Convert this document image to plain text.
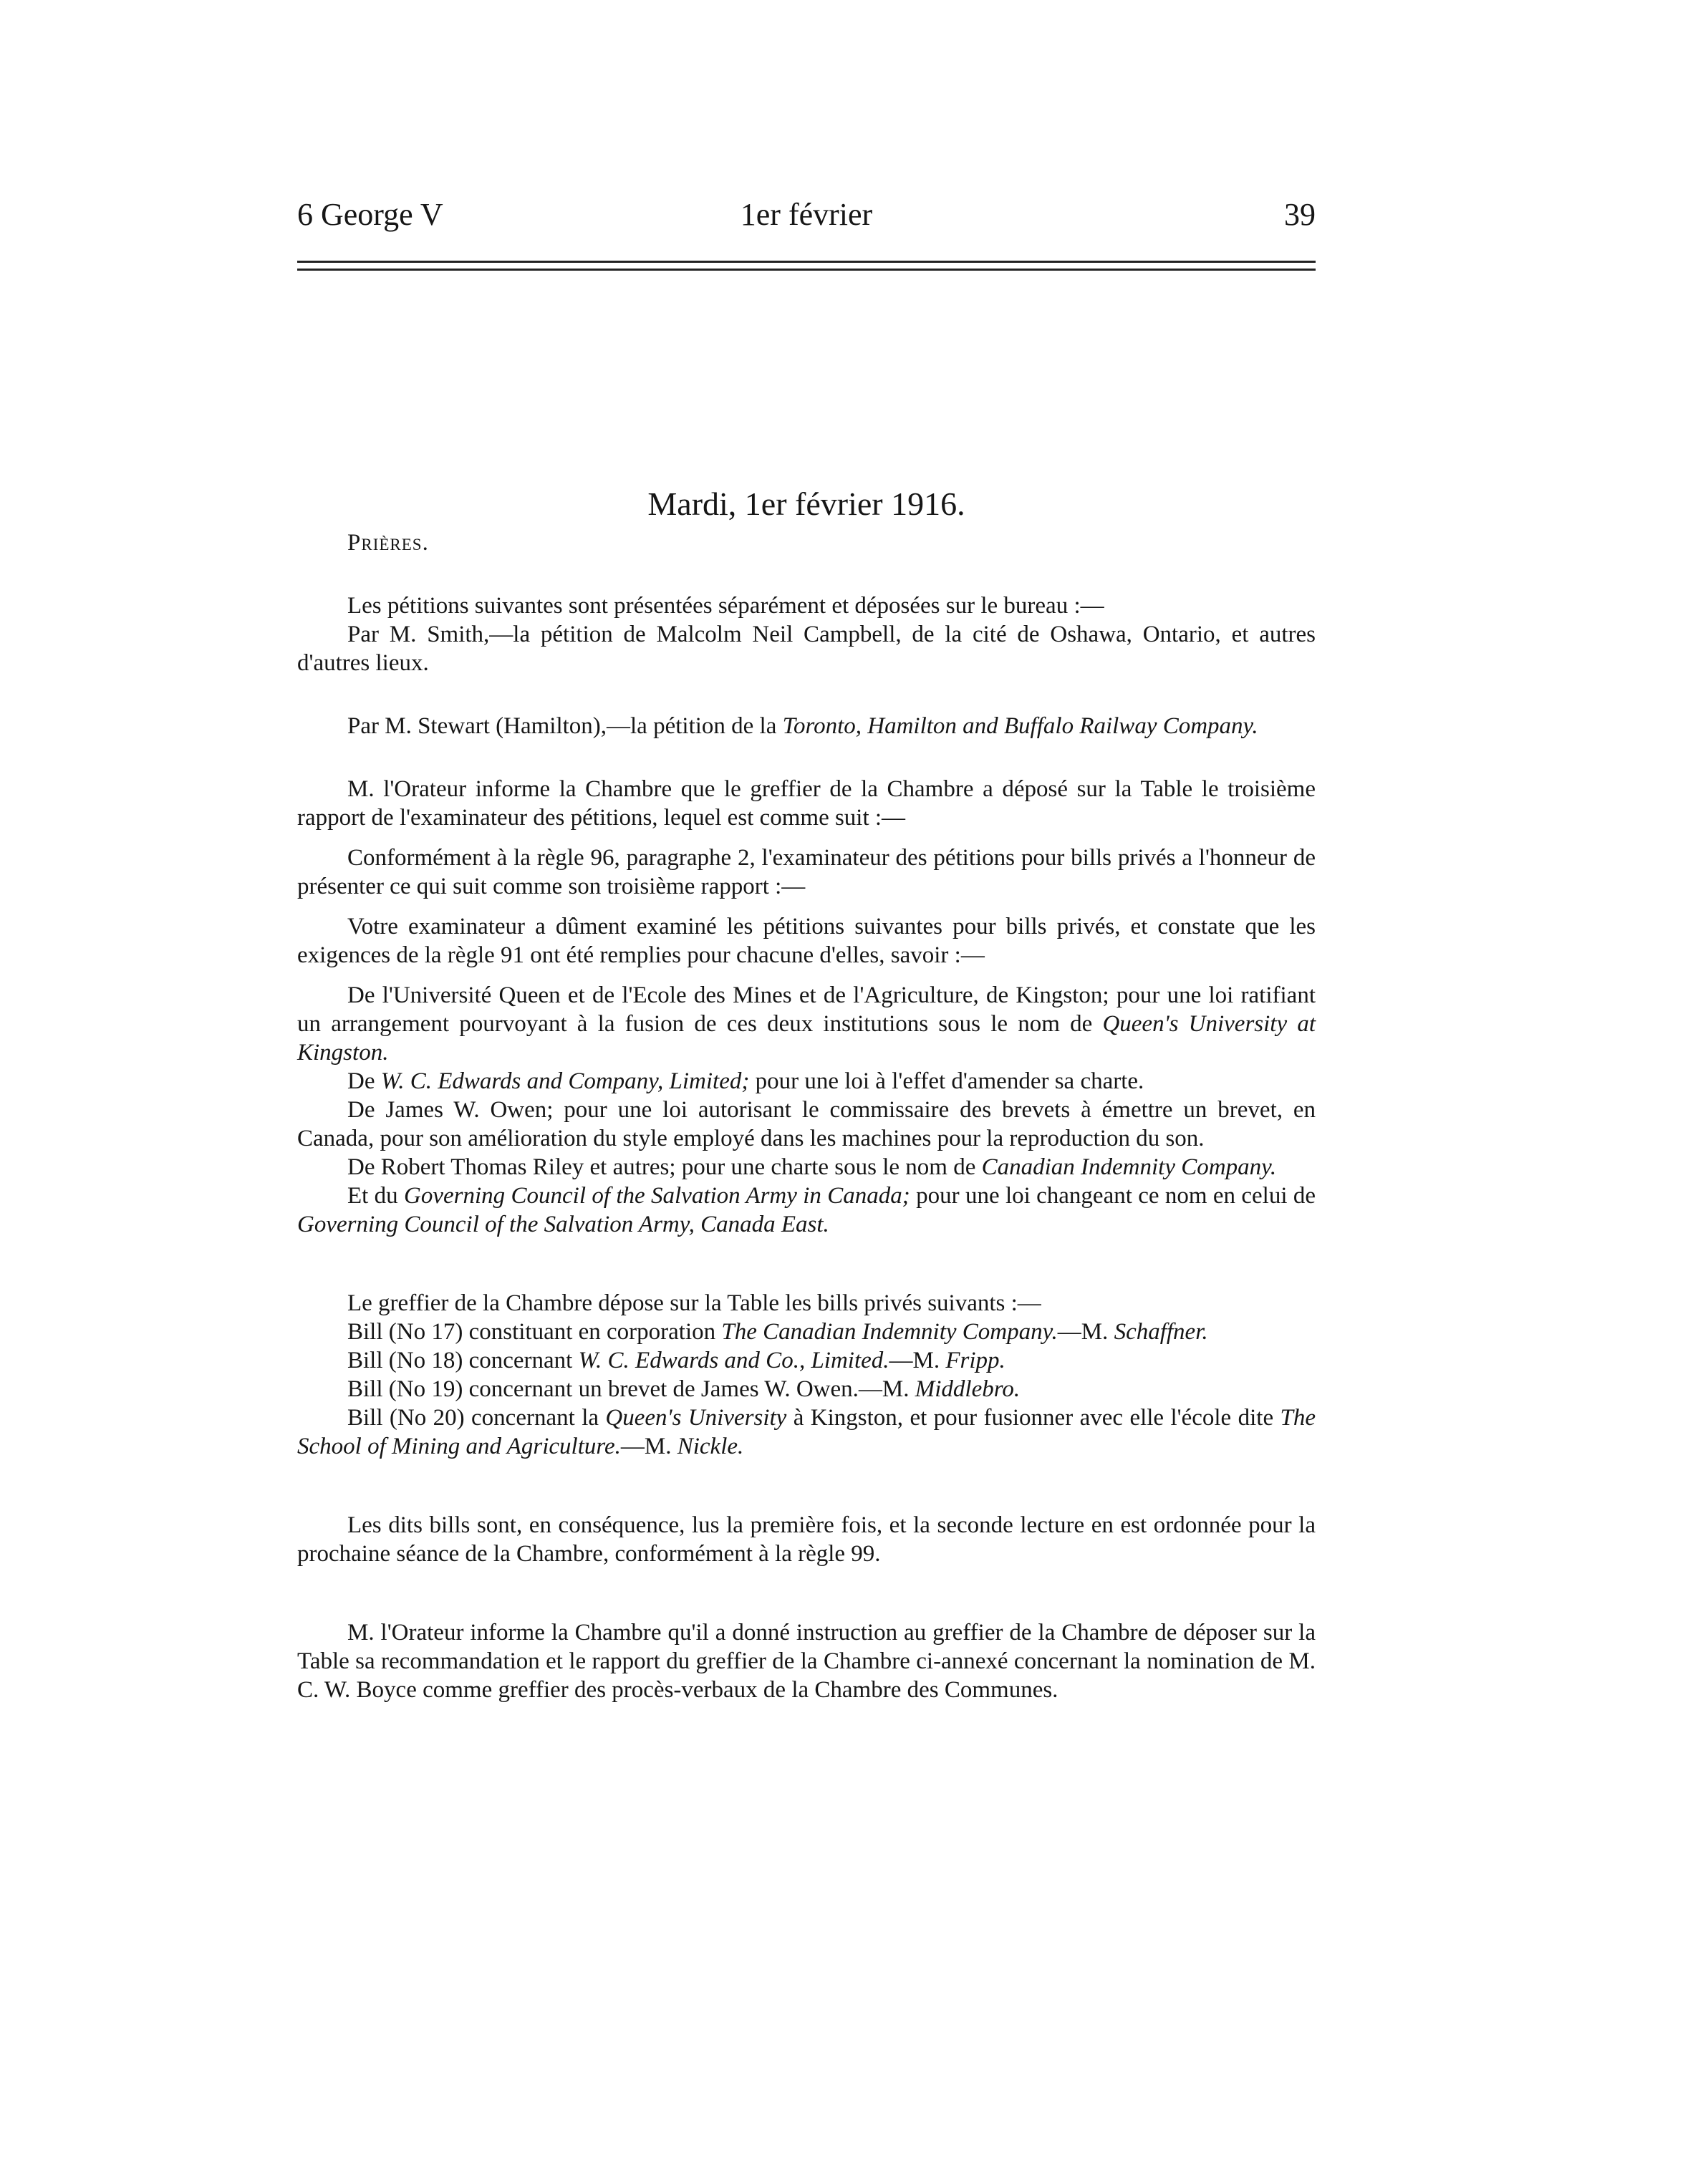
6 George V	1er février	39
Mardi, 1er février 1916.

Prières.

Les pétitions suivantes sont présentées séparément et déposées sur le bureau :—

Par M. Smith,—la pétition de Malcolm Neil Campbell, de la cité de Oshawa, Ontario, et autres d'autres lieux.

Par M. Stewart (Hamilton),—la pétition de la Toronto, Hamilton and Buffalo Railway Company.

M. l'Orateur informe la Chambre que le greffier de la Chambre a déposé sur la Table le troisième rapport de l'examinateur des pétitions, lequel est comme suit :—

Conformément à la règle 96, paragraphe 2, l'examinateur des pétitions pour bills privés a l'honneur de présenter ce qui suit comme son troisième rapport :—

Votre examinateur a dûment examiné les pétitions suivantes pour bills privés, et constate que les exigences de la règle 91 ont été remplies pour chacune d'elles, savoir :—

De l'Université Queen et de l'Ecole des Mines et de l'Agriculture, de Kingston; pour une loi ratifiant un arrangement pourvoyant à la fusion de ces deux institutions sous le nom de Queen's University at Kingston.

De W. C. Edwards and Company, Limited; pour une loi à l'effet d'amender sa charte.

De James W. Owen; pour une loi autorisant le commissaire des brevets à émettre un brevet, en Canada, pour son amélioration du style employé dans les machines pour la reproduction du son.

De Robert Thomas Riley et autres; pour une charte sous le nom de Canadian Indemnity Company.

Et du Governing Council of the Salvation Army in Canada; pour une loi changeant ce nom en celui de Governing Council of the Salvation Army, Canada East.

Le greffier de la Chambre dépose sur la Table les bills privés suivants :—

Bill (No 17) constituant en corporation The Canadian Indemnity Company.—M. Schaffner.

Bill (No 18) concernant W. C. Edwards and Co., Limited.—M. Fripp.

Bill (No 19) concernant un brevet de James W. Owen.—M. Middlebro.

Bill (No 20) concernant la Queen's University à Kingston, et pour fusionner avec elle l'école dite The School of Mining and Agriculture.—M. Nickle.

Les dits bills sont, en conséquence, lus la première fois, et la seconde lecture en est ordonnée pour la prochaine séance de la Chambre, conformément à la règle 99.

M. l'Orateur informe la Chambre qu'il a donné instruction au greffier de la Chambre de déposer sur la Table sa recommandation et le rapport du greffier de la Chambre ci-annexé concernant la nomination de M. C. W. Boyce comme greffier des procès-verbaux de la Chambre des Communes.
